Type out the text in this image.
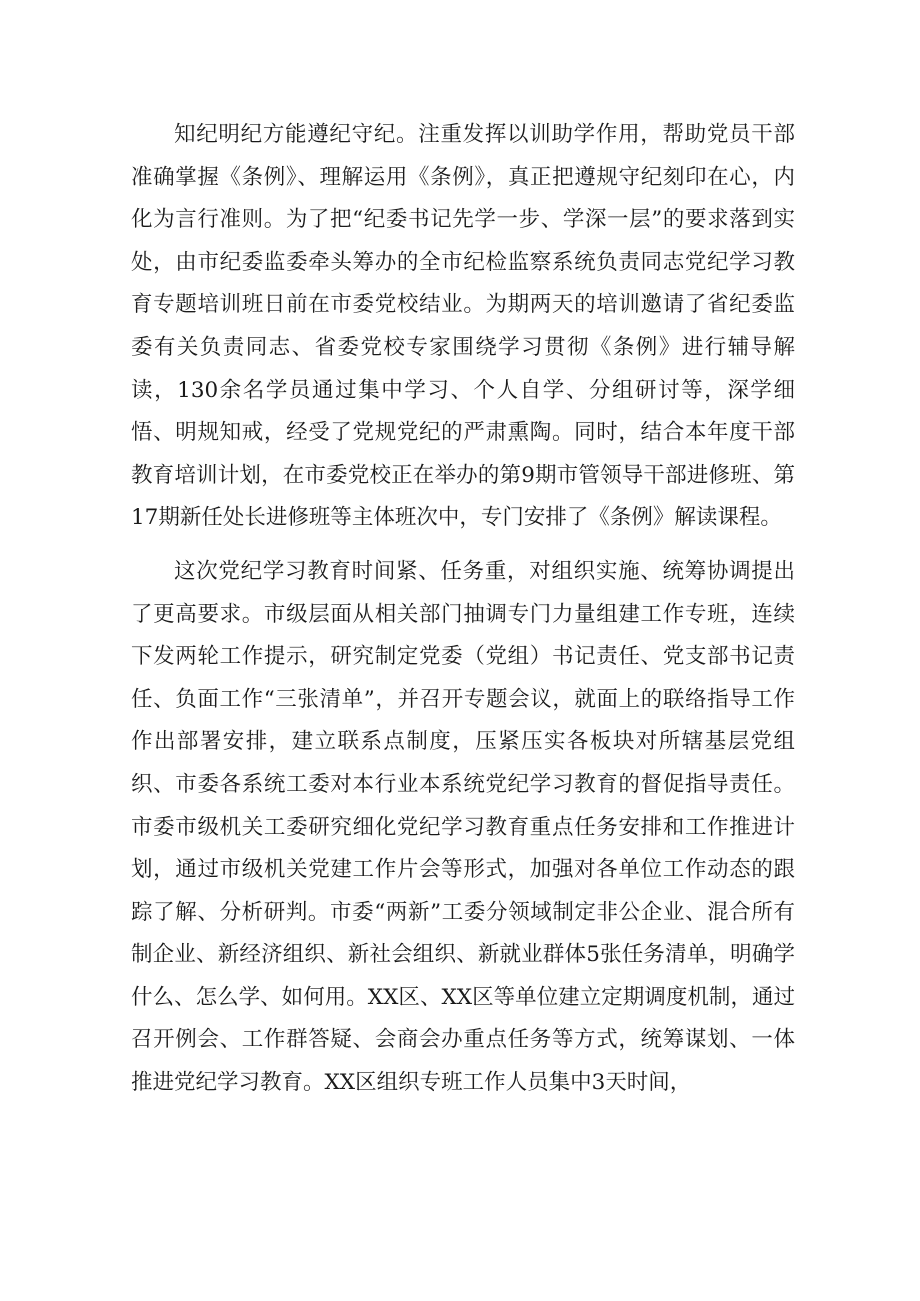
知纪明纪方能遵纪守纪。注重发挥以训助学作用，帮助党员干部准确掌握《条例》、理解运用《条例》，真正把遵规守纪刻印在心，内化为言行准则。为了把“纪委书记先学一步、学深一层”的要求落到实处，由市纪委监委牵头筹办的全市纪检监察系统负责同志党纪学习教育专题培训班日前在市委党校结业。为期两天的培训邀请了省纪委监委有关负责同志、省委党校专家围绕学习贯彻《条例》进行辅导解读，130余名学员通过集中学习、个人自学、分组研讨等，深学细悟、明规知戒，经受了党规党纪的严肃熏陶。同时，结合本年度干部教育培训计划，在市委党校正在举办的第9期市管领导干部进修班、第17期新任处长进修班等主体班次中，专门安排了《条例》解读课程。

这次党纪学习教育时间紧、任务重，对组织实施、统筹协调提出了更高要求。市级层面从相关部门抽调专门力量组建工作专班，连续下发两轮工作提示，研究制定党委（党组）书记责任、党支部书记责任、负面工作“三张清单”，并召开专题会议，就面上的联络指导工作作出部署安排，建立联系点制度，压紧压实各板块对所辖基层党组织、市委各系统工委对本行业本系统党纪学习教育的督促指导责任。市委市级机关工委研究细化党纪学习教育重点任务安排和工作推进计划，通过市级机关党建工作片会等形式，加强对各单位工作动态的跟踪了解、分析研判。市委“两新”工委分领域制定非公企业、混合所有制企业、新经济组织、新社会组织、新就业群体5张任务清单，明确学什么、怎么学、如何用。XX区、XX区等单位建立定期调度机制，通过召开例会、工作群答疑、会商会办重点任务等方式，统筹谋划、一体推进党纪学习教育。XX区组织专班工作人员集中3天时间，
